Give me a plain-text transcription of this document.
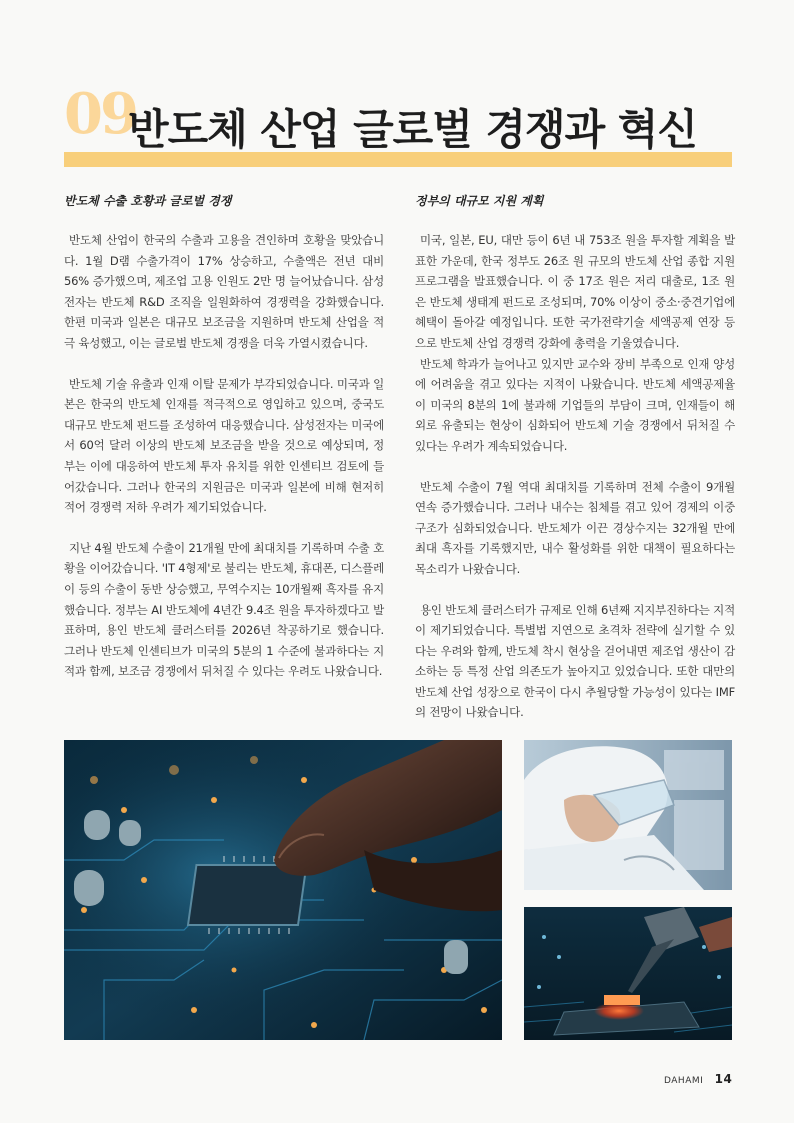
09
반도체 산업 글로벌 경쟁과 혁신

반도체 수출 호황과 글로벌 경쟁

반도체 산업이 한국의 수출과 고용을 견인하며 호황을 맞았습니다. 1월 D램 수출가격이 17% 상승하고, 수출액은 전년 대비 56% 증가했으며, 제조업 고용 인원도 2만 명 늘어났습니다. 삼성전자는 반도체 R&D 조직을 일원화하여 경쟁력을 강화했습니다. 한편 미국과 일본은 대규모 보조금을 지원하며 반도체 산업을 적극 육성했고, 이는 글로벌 반도체 경쟁을 더욱 가열시켰습니다.

반도체 기술 유출과 인재 이탈 문제가 부각되었습니다. 미국과 일본은 한국의 반도체 인재를 적극적으로 영입하고 있으며, 중국도 대규모 반도체 펀드를 조성하여 대응했습니다. 삼성전자는 미국에서 60억 달러 이상의 반도체 보조금을 받을 것으로 예상되며, 정부는 이에 대응하여 반도체 투자 유치를 위한 인센티브 검토에 들어갔습니다. 그러나 한국의 지원금은 미국과 일본에 비해 현저히 적어 경쟁력 저하 우려가 제기되었습니다.

지난 4월 반도체 수출이 21개월 만에 최대치를 기록하며 수출 호황을 이어갔습니다. 'IT 4형제'로 불리는 반도체, 휴대폰, 디스플레이 등의 수출이 동반 상승했고, 무역수지는 10개월째 흑자를 유지했습니다. 정부는 AI 반도체에 4년간 9.4조 원을 투자하겠다고 발표하며, 용인 반도체 클러스터를 2026년 착공하기로 했습니다. 그러나 반도체 인센티브가 미국의 5분의 1 수준에 불과하다는 지적과 함께, 보조금 경쟁에서 뒤처질 수 있다는 우려도 나왔습니다.

정부의 대규모 지원 계획

미국, 일본, EU, 대만 등이 6년 내 753조 원을 투자할 계획을 발표한 가운데, 한국 정부도 26조 원 규모의 반도체 산업 종합 지원 프로그램을 발표했습니다. 이 중 17조 원은 저리 대출로, 1조 원은 반도체 생태계 펀드로 조성되며, 70% 이상이 중소·중견기업에 혜택이 돌아갈 예정입니다. 또한 국가전략기술 세액공제 연장 등으로 반도체 산업 경쟁력 강화에 총력을 기울였습니다.

반도체 학과가 늘어나고 있지만 교수와 장비 부족으로 인재 양성에 어려움을 겪고 있다는 지적이 나왔습니다. 반도체 세액공제율이 미국의 8분의 1에 불과해 기업들의 부담이 크며, 인재들이 해외로 유출되는 현상이 심화되어 반도체 기술 경쟁에서 뒤처질 수 있다는 우려가 계속되었습니다.

반도체 수출이 7월 역대 최대치를 기록하며 전체 수출이 9개월 연속 증가했습니다. 그러나 내수는 침체를 겪고 있어 경제의 이중구조가 심화되었습니다. 반도체가 이끈 경상수지는 32개월 만에 최대 흑자를 기록했지만, 내수 활성화를 위한 대책이 필요하다는 목소리가 나왔습니다.

용인 반도체 클러스터가 규제로 인해 6년째 지지부진하다는 지적이 제기되었습니다. 특별법 지연으로 초격차 전략에 실기할 수 있다는 우려와 함께, 반도체 착시 현상을 걷어내면 제조업 생산이 감소하는 등 특정 산업 의존도가 높아지고 있었습니다. 또한 대만의 반도체 산업 성장으로 한국이 다시 추월당할 가능성이 있다는 IMF의 전망이 나왔습니다.

DAHAMI 14
